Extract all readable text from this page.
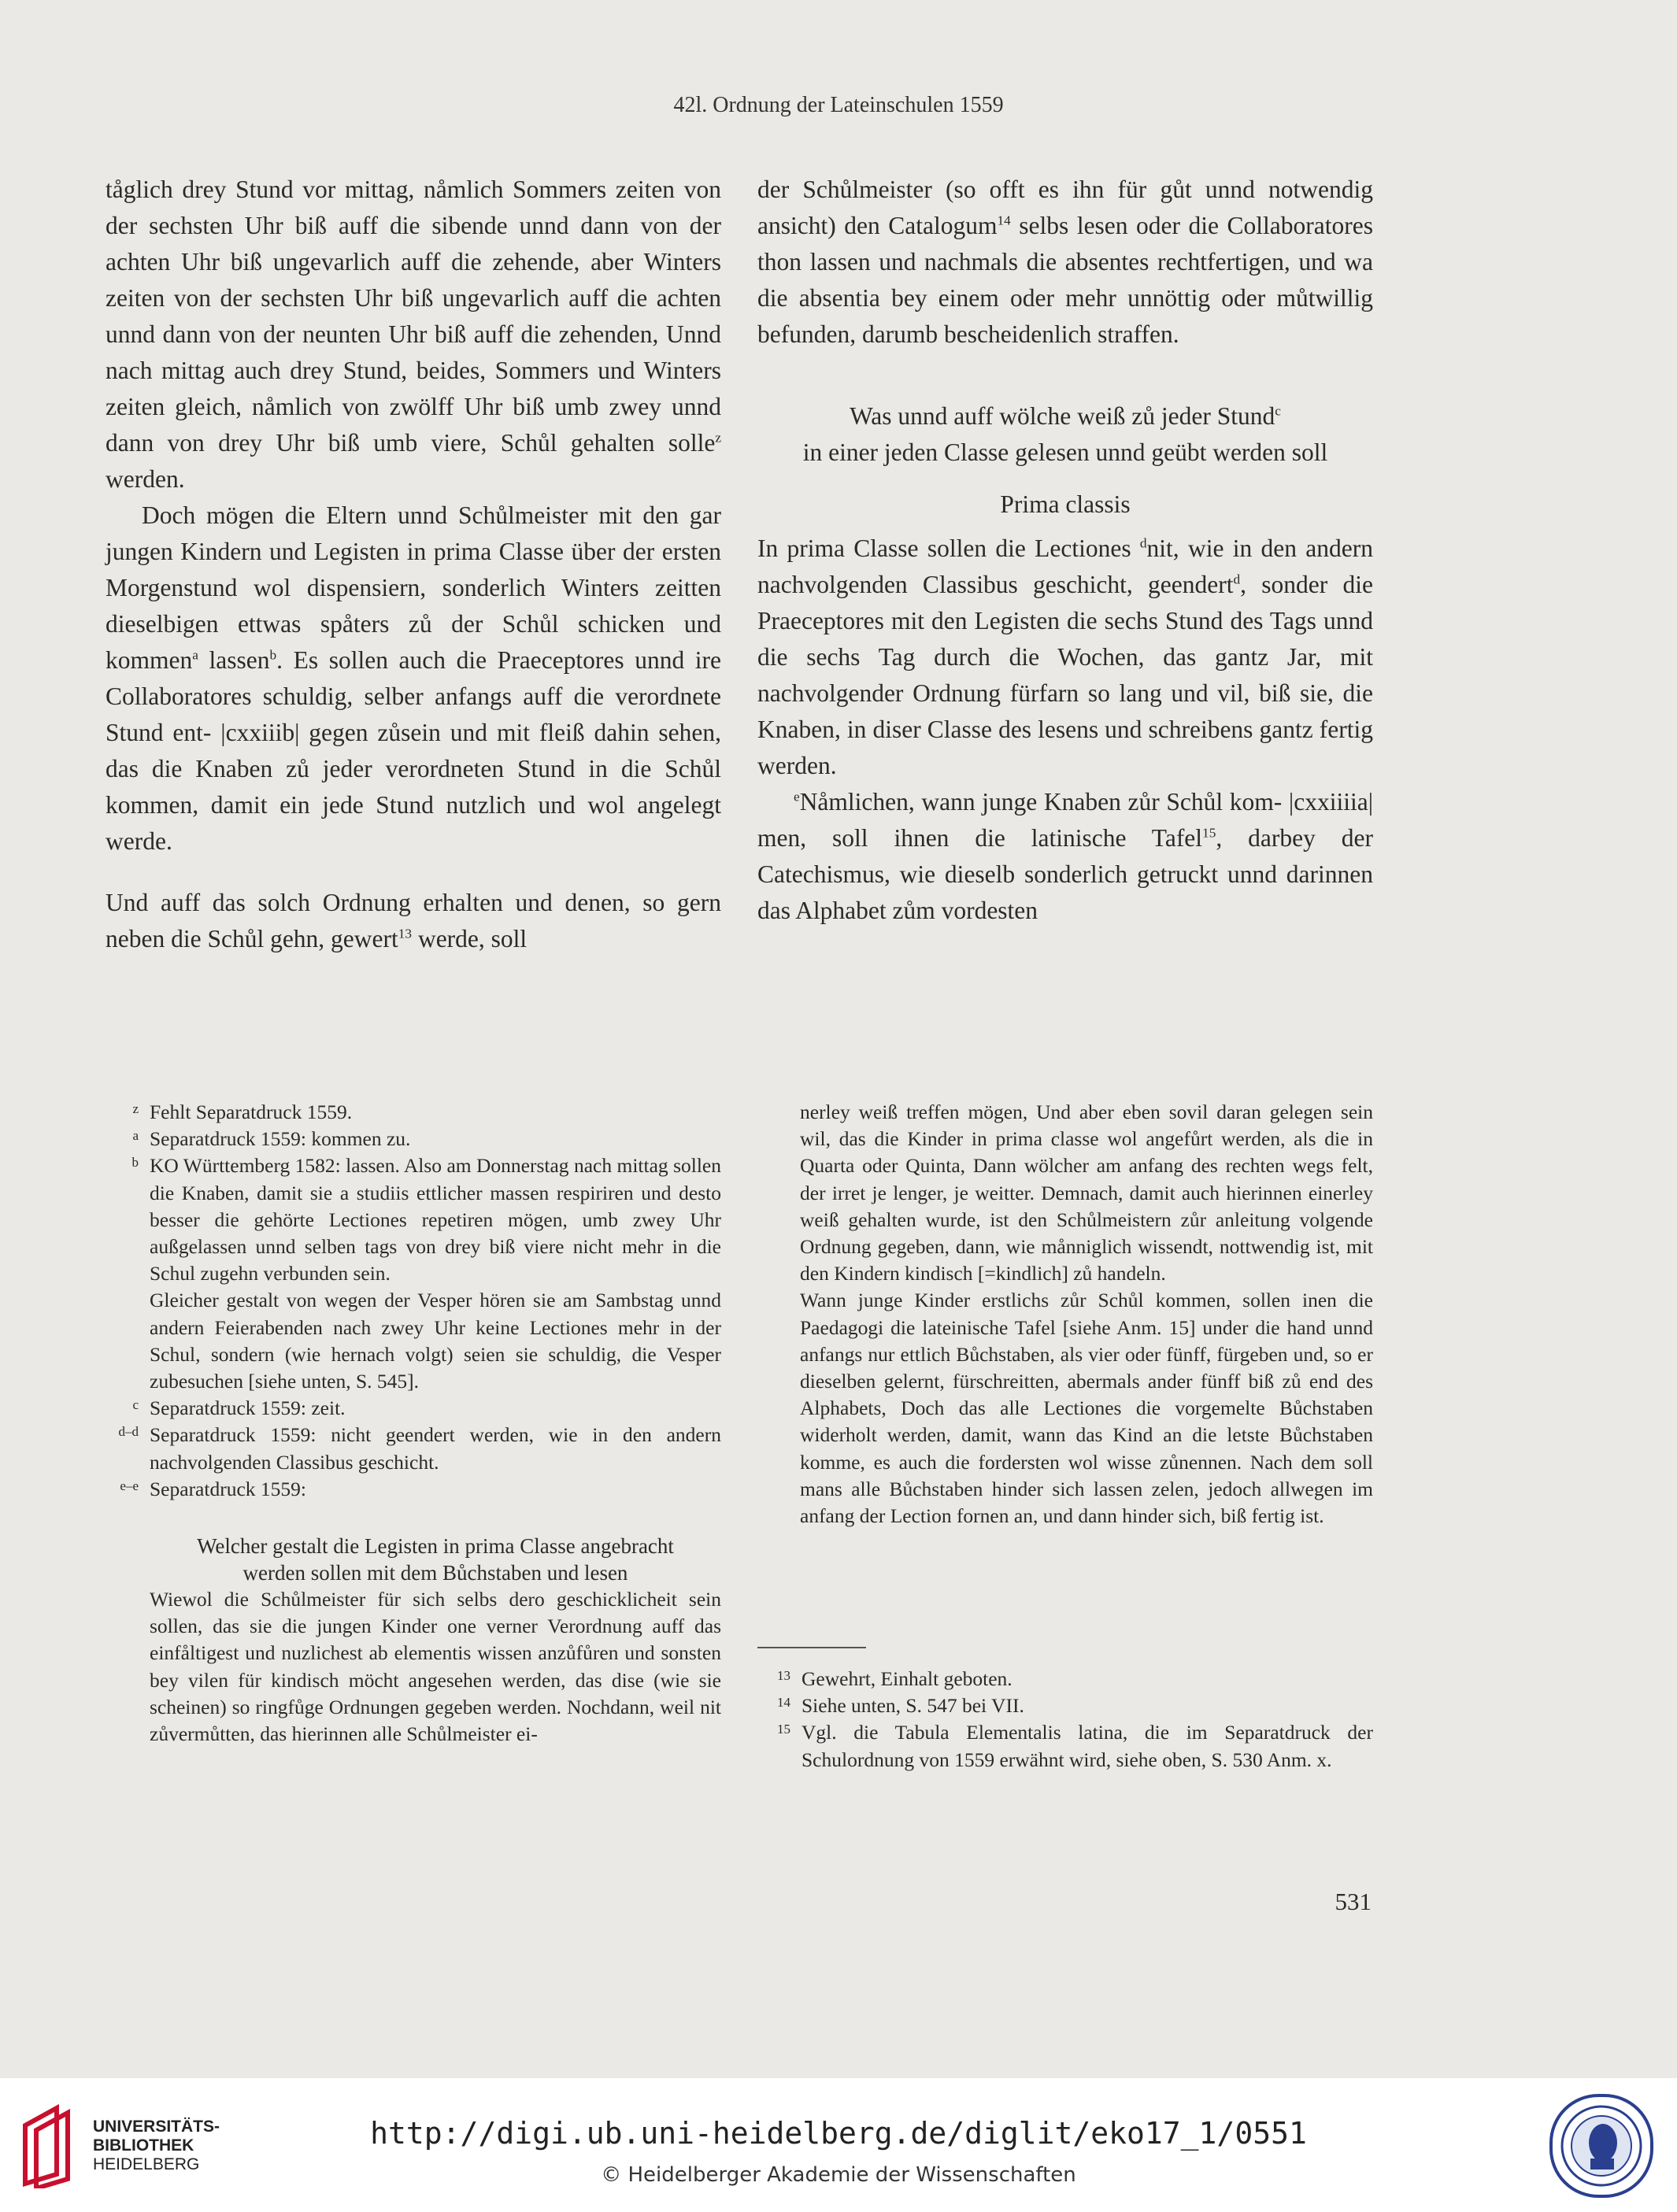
42l. Ordnung der Lateinschulen 1559

tåglich drey Stund vor mittag, nåmlich Sommers zeiten von der sechsten Uhr biß auff die sibende unnd dann von der achten Uhr biß ungevarlich auff die zehende, aber Winters zeiten von der sechsten Uhr biß ungevarlich auff die achten unnd dann von der neunten Uhr biß auff die zehenden, Unnd nach mittag auch drey Stund, beides, Sommers und Winters zeiten gleich, nåmlich von zwölff Uhr biß umb zwey unnd dann von drey Uhr biß umb viere, Schůl gehalten solle$^z$ werden.

Doch mögen die Eltern unnd Schůlmeister mit den gar jungen Kindern und Legisten in prima Classe über der ersten Morgenstund wol dispensiern, sonderlich Winters zeitten dieselbigen ettwas spåters zů der Schůl schicken und kommen$^a$ lassen$^b$. Es sollen auch die Praeceptores unnd ire Collaboratores schuldig, selber anfangs auff die verordnete Stund ent- |cxxiiib| gegen zůsein und mit fleiß dahin sehen, das die Knaben zů jeder verordneten Stund in die Schůl kommen, damit ein jede Stund nutzlich und wol angelegt werde.

Und auff das solch Ordnung erhalten und denen, so gern neben die Schůl gehn, gewert$^{13}$ werde, soll

der Schůlmeister (so offt es ihn für gůt unnd notwendig ansicht) den Catalogum$^{14}$ selbs lesen oder die Collaboratores thon lassen und nachmals die absentes rechtfertigen, und wa die absentia bey einem oder mehr unnöttig oder můtwillig befunden, darumb bescheidenlich straffen.

Was unnd auff wölche weiß zů jeder Stund$^c$
in einer jeden Classe gelesen unnd geübt werden soll
Prima classis

In prima Classe sollen die Lectiones $^d$nit, wie in den andern nachvolgenden Classibus geschicht, geendert$^d$, sonder die Praeceptores mit den Legisten die sechs Stund des Tags unnd die sechs Tag durch die Wochen, das gantz Jar, mit nachvolgender Ordnung fürfarn so lang und vil, biß sie, die Knaben, in diser Classe des lesens und schreibens gantz fertig werden.

$^e$Nåmlichen, wann junge Knaben zůr Schůl kom- |cxxiiiia| men, soll ihnen die latinische Tafel$^{15}$, darbey der Catechismus, wie dieselb sonderlich getruckt unnd darinnen das Alphabet zům vordesten

z Fehlt Separatdruck 1559.
a Separatdruck 1559: kommen zu.
b KO Württemberg 1582: lassen. Also am Donnerstag nach mittag sollen die Knaben, damit sie a studiis ettlicher massen respiriren und desto besser die gehörte Lectiones repetiren mögen, umb zwey Uhr außgelassen unnd selben tags von drey biß viere nicht mehr in die Schul zugehn verbunden sein.
Gleicher gestalt von wegen der Vesper hören sie am Sambstag unnd andern Feierabenden nach zwey Uhr keine Lectiones mehr in der Schul, sondern (wie hernach volgt) seien sie schuldig, die Vesper zubesuchen [siehe unten, S. 545].
c Separatdruck 1559: zeit.
d–d Separatdruck 1559: nicht geendert werden, wie in den andern nachvolgenden Classibus geschicht.
e–e Separatdruck 1559:
Welcher gestalt die Legisten in prima Classe angebracht
werden sollen mit dem Bůchstaben und lesen
Wiewol die Schůlmeister für sich selbs dero geschicklicheit sein sollen, das sie die jungen Kinder one verner Verordnung auff das einfåltigest und nuzlichest ab elementis wissen anzůfůren und sonsten bey vilen für kindisch möcht angesehen werden, das dise (wie sie scheinen) so ringfůge Ordnungen gegeben werden. Nochdann, weil nit zůvermůtten, das hierinnen alle Schůlmeister ei-
nerley weiß treffen mögen, Und aber eben sovil daran gelegen sein wil, das die Kinder in prima classe wol angefůrt werden, als die in Quarta oder Quinta, Dann wölcher am anfang des rechten wegs felt, der irret je lenger, je weitter. Demnach, damit auch hierinnen einerley weiß gehalten wurde, ist den Schůlmeistern zůr anleitung volgende Ordnung gegeben, dann, wie månniglich wissendt, nottwendig ist, mit den Kindern kindisch [=kindlich] zů handeln.
Wann junge Kinder erstlichs zůr Schůl kommen, sollen inen die Paedagogi die lateinische Tafel [siehe Anm. 15] under die hand unnd anfangs nur ettlich Bůchstaben, als vier oder fünff, fürgeben und, so er dieselben gelernt, fürschreitten, abermals ander fünff biß zů end des Alphabets, Doch das alle Lectiones die vorgemelte Bůchstaben widerholt werden, damit, wann das Kind an die letste Bůchstaben komme, es auch die fordersten wol wisse zůnennen. Nach dem soll mans alle Bůchstaben hinder sich lassen zelen, jedoch allwegen im anfang der Lection fornen an, und dann hinder sich, biß fertig ist.
13 Gewehrt, Einhalt geboten.
14 Siehe unten, S. 547 bei VII.
15 Vgl. die Tabula Elementalis latina, die im Separatdruck der Schulordnung von 1559 erwähnt wird, siehe oben, S. 530 Anm. x.
531
UNIVERSITÄTS-
BIBLIOTHEK
HEIDELBERG
http://digi.ub.uni-heidelberg.de/diglit/eko17_1/0551
© Heidelberger Akademie der Wissenschaften
